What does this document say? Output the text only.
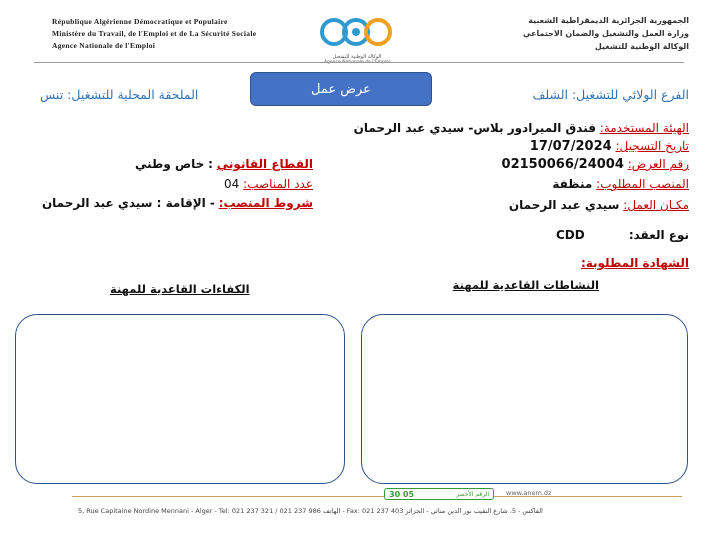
République Algérienne Démocratique et Populaire
Ministère du Travail, de l'Emploi et de La Sécurité Sociale
Agence Nationale de l'Emploi
الوكالة الوطنية للتشغيل
الجمهورية الجزائرية الديمقراطية الشعبية
وزارة العمل والتشغيل والضمان الاجتماعي
الوكالة الوطنية للتشغيل
عرض عمل	الفرع الولائي للتشغيل: الشلف
الملحقة المحلية للتشغيل: تنس
الهيئة المستخدمة: فندق الميرادور بلاس- سيدي عبد الرحمان
تاريخ التسجيل: 17/07/2024
رقم العرض: 02150066/24004
المنصب المطلوب: منظفة
مكـان العمل: سيدي عبد الرحمان
نوع العقد:
CDD
الشهادة المطلوبة:
القطاع القانوني : خاص وطني
عدد المناصب: 04
شروط المنصب: - الإقامة : سيدي عبد الرحمان
النشاطات القاعدية للمهنة
الكفاءات القاعدية للمهنة
www.anem.dz
30 05	الرقم الأخضر
5, Rue Capitaine Nordine Mennani - Alger - Tel: 021 237 321 / 021 237 986 الهاتف - Fax: 021 237 403 الفاكس - 5، شارع النقيب نور الدين منائي - الجزائر
